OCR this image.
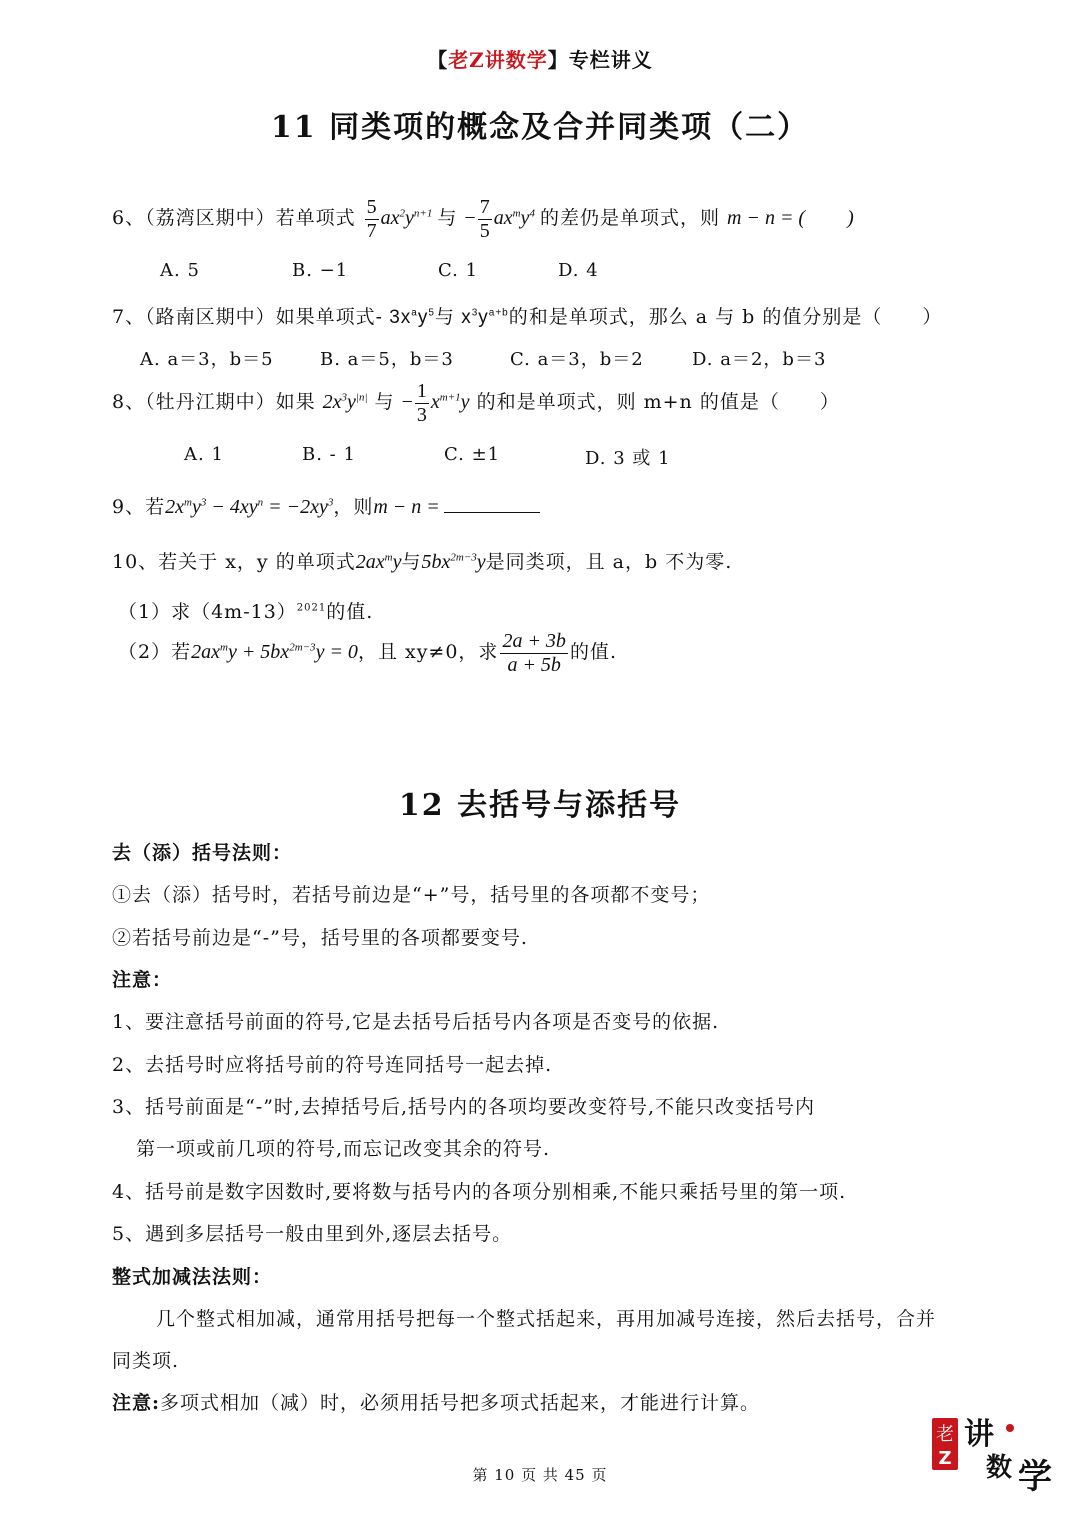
【老Z讲数学】专栏讲义
11 同类项的概念及合并同类项（二）
6、（荔湾区期中）若单项式 $\frac{5}{7} ax^2y^{n+1}$ 与 − $\frac{7}{5} ax^my^4$ 的差仍是单项式，则 m − n = ( )
A. 5	B. −1	C. 1	D. 4
7、（路南区期中）如果单项式- $3x^ay^5$与 $x^3y^{a+b}$的和是单项式，那么 a 与 b 的值分别是（　　）
A. a＝3，b＝5	B. a＝5，b＝3	C. a＝3，b＝2	D. a＝2，b＝3
8、（牡丹江期中）如果 $2x^3y^{|n|}$ 与 − $\frac{1}{3} x^{m+1}y$ 的和是单项式，则 m+n 的值是（　　）
A. 1	B. - 1	C. ±1	D. 3 或 1
9、若$2x^my^3 - 4xy^n = -2xy^3$，则m − n =
10、若关于 x，y 的单项式$2ax^my$与$5bx^{2m-3}y$是同类项，且 a，b 不为零.
（1）求$(4m-13)^{2021}$的值.
（2）若$2ax^my + 5bx^{2m-3}y = 0$，且 xy≠0，求 $\frac{2a + 3b}{a + 5b}$ 的值.
12 去括号与添括号
去（添）括号法则：
①去（添）括号时，若括号前边是“+”号，括号里的各项都不变号；
②若括号前边是“-”号，括号里的各项都要变号.
注意：
1、要注意括号前面的符号,它是去括号后括号内各项是否变号的依据.
2、去括号时应将括号前的符号连同括号一起去掉.
3、括号前面是“-”时,去掉括号后,括号内的各项均要改变符号,不能只改变括号内
第一项或前几项的符号,而忘记改变其余的符号.
4、括号前是数字因数时,要将数与括号内的各项分别相乘,不能只乘括号里的第一项.
5、遇到多层括号一般由里到外,逐层去括号。
整式加减法法则：
几个整式相加减，通常用括号把每一个整式括起来，再用加减号连接，然后去括号，合并
同类项.
注意:多项式相加（减）时，必须用括号把多项式括起来，才能进行计算。
第 10 页 共 45 页
老
Z
讲
数 学
